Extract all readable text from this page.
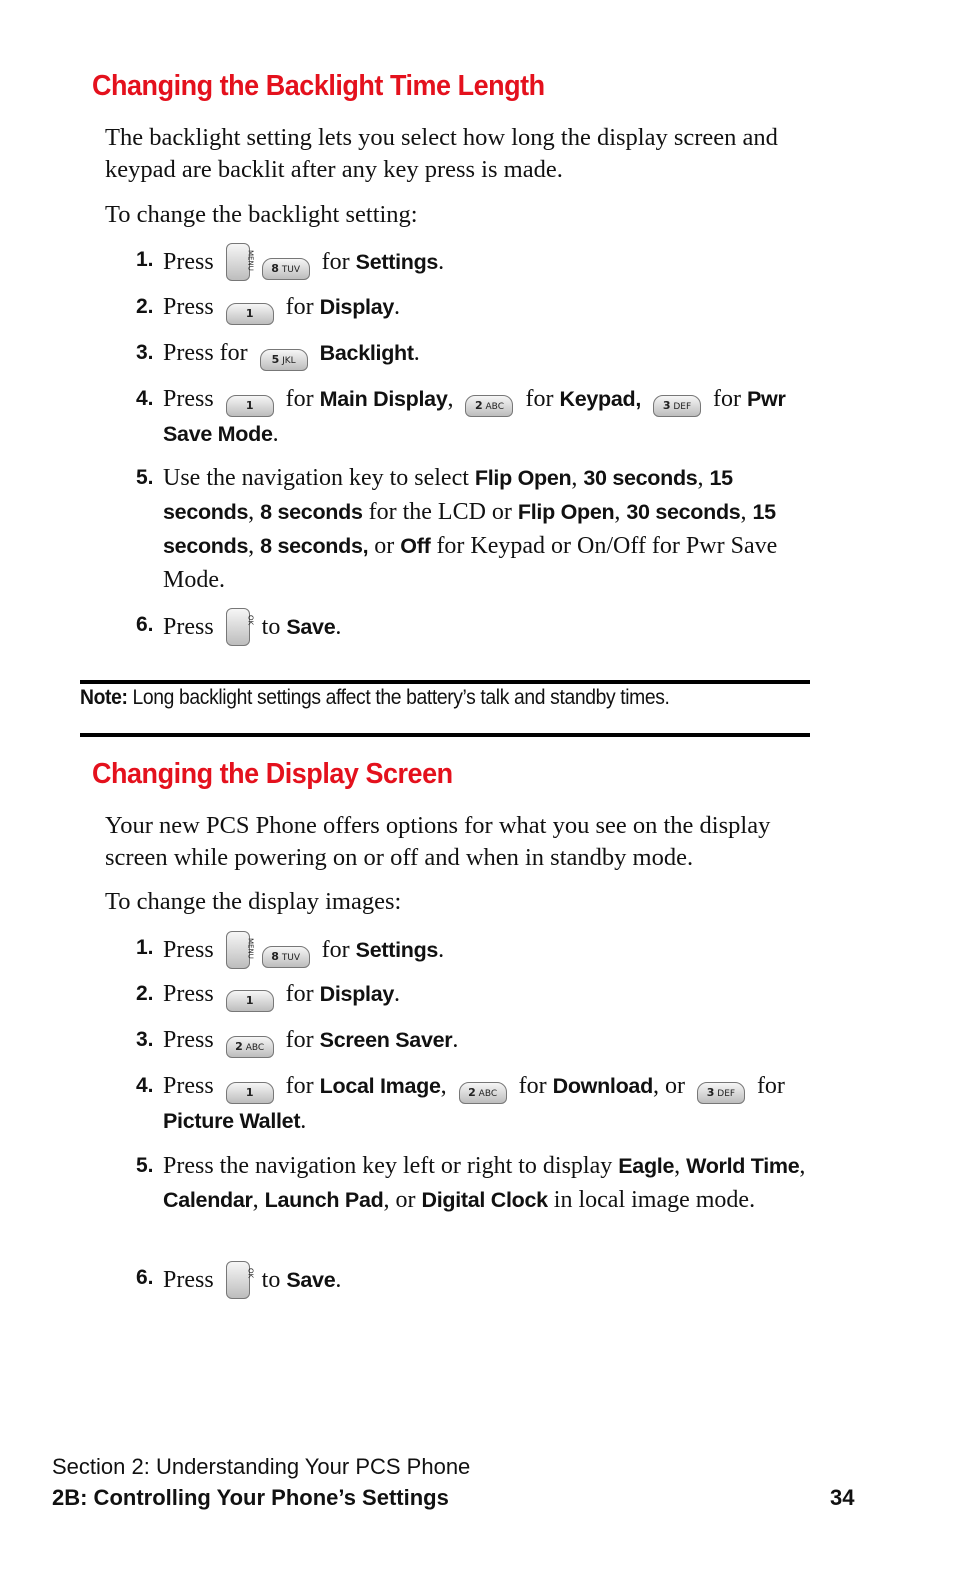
Changing the Backlight Time Length

The backlight setting lets you select how long the display screen and keypad are backlit after any key press is made.

To change the backlight setting:

1. Press	MENU	8 TUV for Settings.
2. Press	1 for Display.
3. Press for 5 JKL Backlight.
4. Press	1 for Main Display, 2 ABC for Keypad, 3 DEF for Pwr Save Mode.
5. Use the navigation key to select Flip Open, 30 seconds, 15 seconds, 8 seconds for the LCD or Flip Open, 30 seconds, 15 seconds, 8 seconds, or Off for Keypad or On/Off for Pwr Save Mode.
6. Press	OK to Save.
Note: Long backlight settings affect the battery’s talk and standby times.
Changing the Display Screen

Your new PCS Phone offers options for what you see on the display screen while powering on or off and when in standby mode.

To change the display images:

1. Press	MENU	8 TUV for Settings.
2. Press	1 for Display.
3. Press 2 ABC for Screen Saver.
4. Press	1 for Local Image, 2 ABC for Download, or 3 DEF for Picture Wallet.
5. Press the navigation key left or right to display Eagle, World Time, Calendar, Launch Pad, or Digital Clock in local image mode.
6. Press	OK to Save.
Section 2: Understanding Your PCS Phone
2B: Controlling Your Phone’s Settings	34
